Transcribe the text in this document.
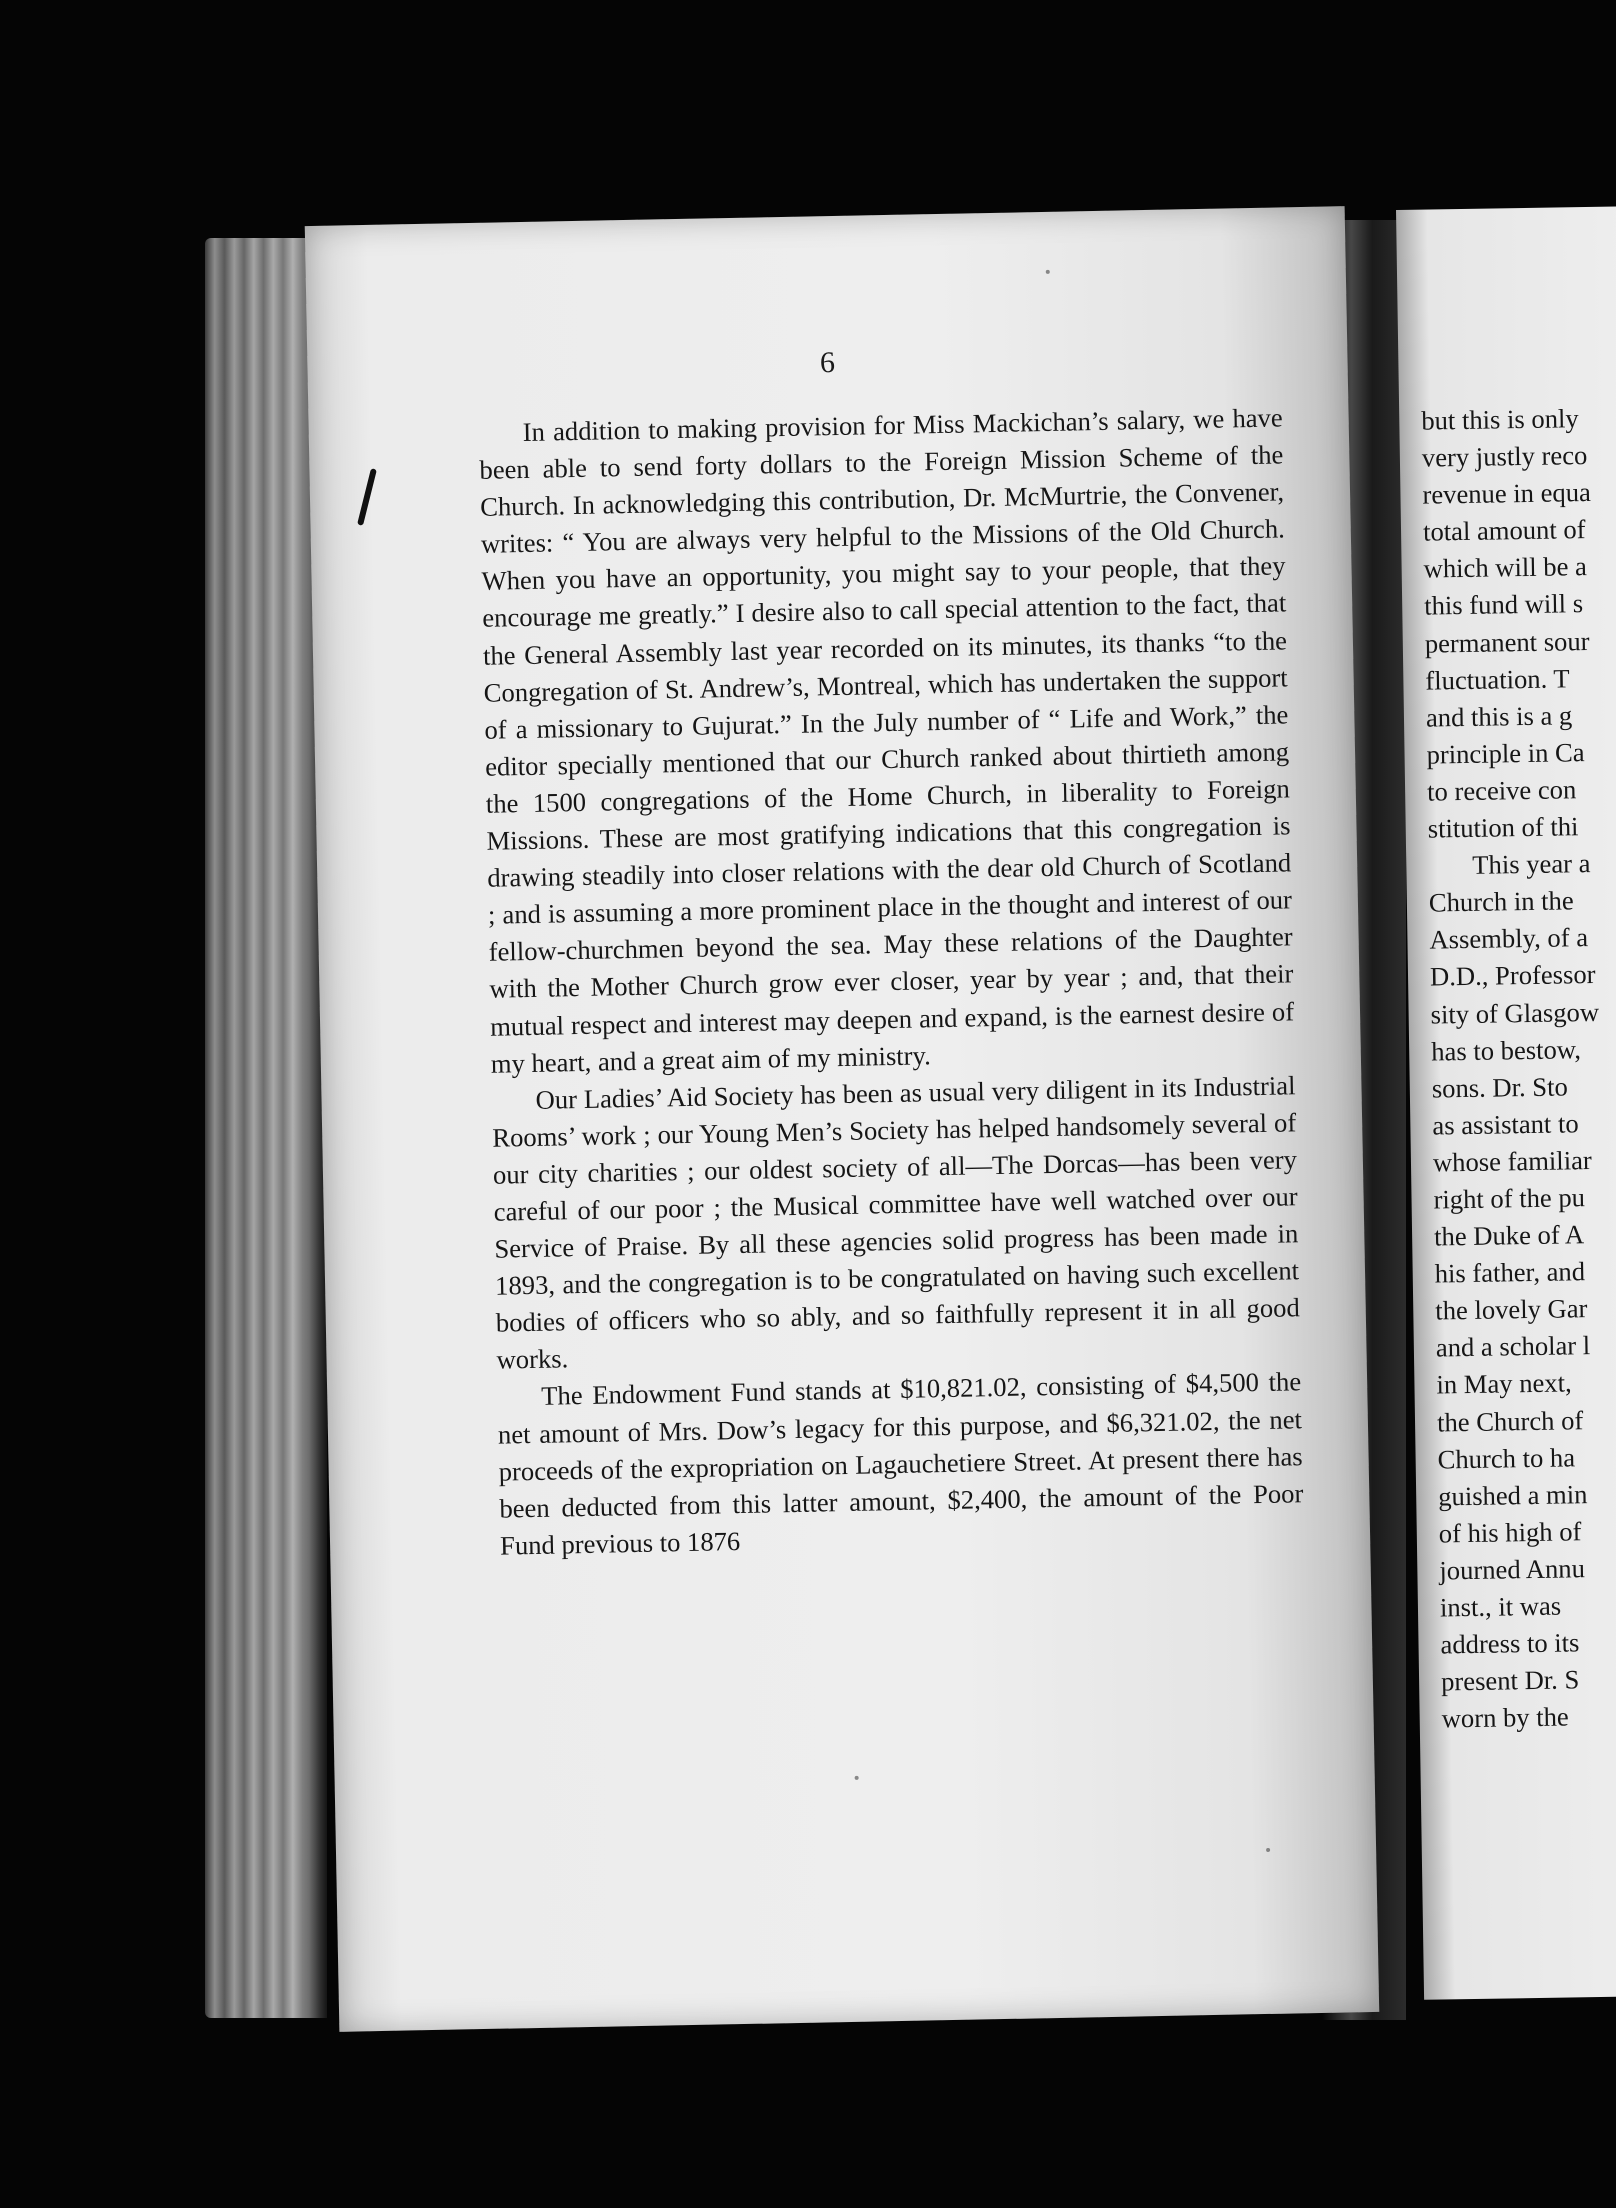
but this is only
very justly reco
revenue in equa
total amount of
which will be a
this fund will s
permanent sour
fluctuation. T
and this is a g
principle in Ca
to receive con
stitution of thi
This year a
Church in the
Assembly, of a
D.D., Professor
sity of Glasgow
has to bestow,
sons. Dr. Sto
as assistant to
whose familiar
right of the pu
the Duke of A
his father, and
the lovely Gar
and a scholar l
in May next,
the Church of
Church to ha
guished a min
of his high of
journed Annu
inst., it was
address to its
present Dr. S
worn by the
6

In addition to making provision for Miss Mackichan’s salary, we have been able to send forty dollars to the Foreign Mission Scheme of the Church. In acknowledging this contribution, Dr. McMurtrie, the Convener, writes: “ You are always very helpful to the Missions of the Old Church. When you have an opportunity, you might say to your people, that they encourage me greatly.” I desire also to call special attention to the fact, that the General Assembly last year recorded on its minutes, its thanks “to the Congregation of St. Andrew’s, Montreal, which has undertaken the support of a missionary to Gujurat.” In the July number of “ Life and Work,” the editor specially mentioned that our Church ranked about thirtieth among the 1500 congregations of the Home Church, in liberality to Foreign Missions. These are most gratifying indications that this congregation is drawing steadily into closer relations with the dear old Church of Scotland ; and is assuming a more prominent place in the thought and interest of our fellow-churchmen beyond the sea. May these relations of the Daughter with the Mother Church grow ever closer, year by year ; and, that their mutual respect and interest may deepen and expand, is the earnest desire of my heart, and a great aim of my ministry.

Our Ladies’ Aid Society has been as usual very diligent in its Industrial Rooms’ work ; our Young Men’s Society has helped handsomely several of our city charities ; our oldest society of all—The Dorcas—has been very careful of our poor ; the Musical committee have well watched over our Service of Praise. By all these agencies solid progress has been made in 1893, and the congregation is to be congratulated on having such excellent bodies of officers who so ably, and so faithfully represent it in all good works.

The Endowment Fund stands at $10,821.02, consisting of $4,500 the net amount of Mrs. Dow’s legacy for this purpose, and $6,321.02, the net proceeds of the expropriation on Lagauchetiere Street. At present there has been deducted from this latter amount, $2,400, the amount of the Poor Fund previous to 1876
